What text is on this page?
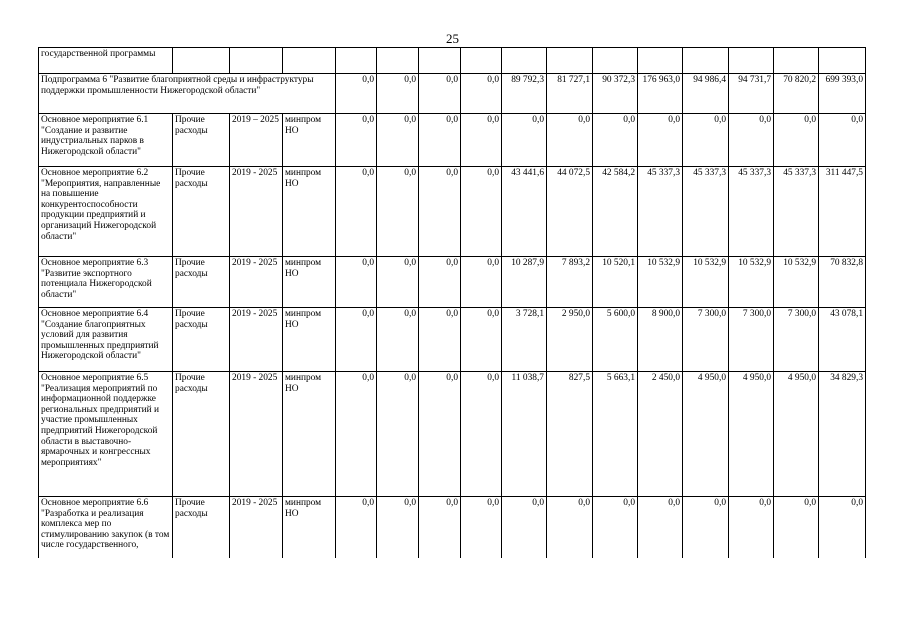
25
государственной программы															
Подпрограмма 6 "Развитие благоприятной среды и инфраструктуры поддержки промышленности Нижегородской области"				0,0	0,0	0,0	0,0	89 792,3	81 727,1	90 372,3	176 963,0	94 986,4	94 731,7	70 820,2	699 393,0
Основное мероприятие 6.1 "Создание и развитие индустриальных парков в Нижегородской области"	Прочие расходы	2019 – 2025	минпром НО	0,0	0,0	0,0	0,0	0,0	0,0	0,0	0,0	0,0	0,0	0,0	0,0
Основное мероприятие 6.2 "Мероприятия, направленные на повышение конкурентоспособности продукции предприятий и организаций Нижегородской области"	Прочие расходы	2019 - 2025	минпром НО	0,0	0,0	0,0	0,0	43 441,6	44 072,5	42 584,2	45 337,3	45 337,3	45 337,3	45 337,3	311 447,5
Основное мероприятие 6.3 "Развитие экспортного потенциала Нижегородской области"	Прочие расходы	2019 - 2025	минпром НО	0,0	0,0	0,0	0,0	10 287,9	7 893,2	10 520,1	10 532,9	10 532,9	10 532,9	10 532,9	70 832,8
Основное мероприятие 6.4 "Создание благоприятных условий для развития промышленных предприятий Нижегородской области"	Прочие расходы	2019 - 2025	минпром НО	0,0	0,0	0,0	0,0	3 728,1	2 950,0	5 600,0	8 900,0	7 300,0	7 300,0	7 300,0	43 078,1
Основное мероприятие 6.5 "Реализация мероприятий по информационной поддержке региональных предприятий и участие промышленных предприятий Нижегородской области в выставочно-ярмарочных и конгрессных мероприятиях"	Прочие расходы	2019 - 2025	минпром НО	0,0	0,0	0,0	0,0	11 038,7	827,5	5 663,1	2 450,0	4 950,0	4 950,0	4 950,0	34 829,3
Основное мероприятие 6.6 "Разработка и реализация комплекса мер по стимулированию закупок (в том числе государственного,	Прочие расходы	2019 - 2025	минпром НО	0,0	0,0	0,0	0,0	0,0	0,0	0,0	0,0	0,0	0,0	0,0	0,0
